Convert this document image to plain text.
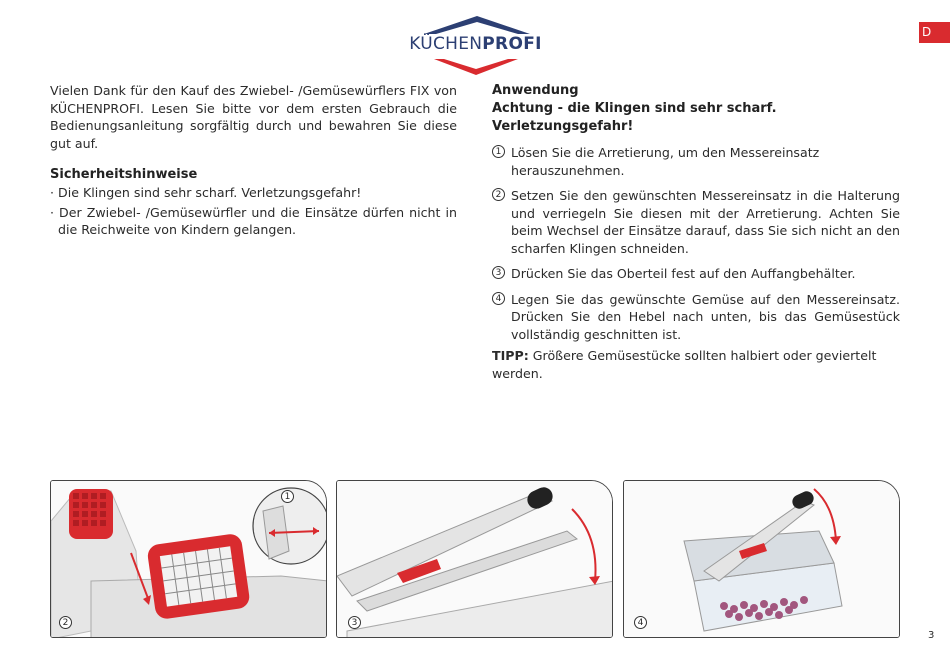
D
KÜCHENPROFI

Vielen Dank für den Kauf des Zwiebel- /Gemüsewürflers FIX von KÜCHENPROFI. Lesen Sie bitte vor dem ersten Gebrauch die Bedienungsanleitung sorgfältig durch und bewahren Sie diese gut auf.

Sicherheitshinweise

· Die Klingen sind sehr scharf. Verletzungsgefahr!

· Der Zwiebel- /Gemüsewürfler und die Einsätze dürfen nicht in die Reichweite von Kindern gelangen.

Anwendung
Achtung - die Klingen sind sehr scharf. Verletzungsgefahr!
1 Lösen Sie die Arretierung, um den Messereinsatz herauszunehmen.

2 Setzen Sie den gewünschten Messereinsatz in die Halterung und verriegeln Sie diesen mit der Arretierung. Achten Sie beim Wechsel der Einsätze darauf, dass Sie sich nicht an den scharfen Klingen schneiden.

3 Drücken Sie das Oberteil fest auf den Auffangbehälter.

4 Legen Sie das gewünschte Gemüse auf den Messereinsatz. Drücken Sie den Hebel nach unten, bis das Gemüsestück vollständig geschnitten ist.

TIPP: Größere Gemüsestücke sollten halbiert oder geviertelt werden.

1
2	3	4
3
